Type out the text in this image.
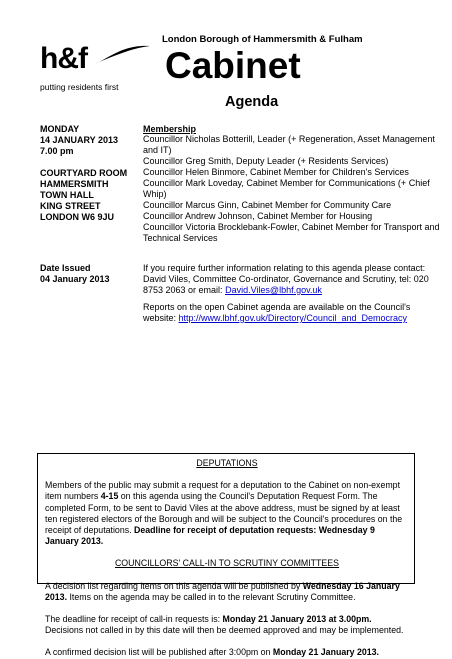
h&f
putting residents first
London Borough of Hammersmith & Fulham
Cabinet
Agenda
MONDAY
14 JANUARY 2013
7.00 pm
COURTYARD ROOM
HAMMERSMITH
TOWN HALL
KING STREET
LONDON W6 9JU
Membership

Councillor Nicholas Botterill, Leader (+ Regeneration, Asset Management and IT)

Councillor Greg Smith, Deputy Leader (+ Residents Services)

Councillor Helen Binmore, Cabinet Member for Children's Services

Councillor Mark Loveday, Cabinet Member for Communications (+ Chief Whip)

Councillor Marcus Ginn, Cabinet Member for Community Care

Councillor Andrew Johnson, Cabinet Member for Housing

Councillor Victoria Brocklebank-Fowler, Cabinet Member for Transport and Technical Services

Date Issued
04 January 2013
If you require further information relating to this agenda please contact: David Viles, Committee Co-ordinator, Governance and Scrutiny, tel: 020 8753 2063 or email: David.Viles@lbhf.gov.uk
Reports on the open Cabinet agenda are available on the Council's website: http://www.lbhf.gov.uk/Directory/Council_and_Democracy

DEPUTATIONS

Members of the public may submit a request for a deputation to the Cabinet on non-exempt item numbers 4-15 on this agenda using the Council's Deputation Request Form. The completed Form, to be sent to David Viles at the above address, must be signed by at least ten registered electors of the Borough and will be subject to the Council's procedures on the receipt of deputations. Deadline for receipt of deputation requests: Wednesday 9 January 2013.

COUNCILLORS' CALL-IN TO SCRUTINY COMMITTEES

A decision list regarding items on this agenda will be published by Wednesday 16 January 2013. Items on the agenda may be called in to the relevant Scrutiny Committee.

The deadline for receipt of call-in requests is: Monday 21 January 2013 at 3.00pm. Decisions not called in by this date will then be deemed approved and may be implemented.

A confirmed decision list will be published after 3:00pm on Monday 21 January 2013.
